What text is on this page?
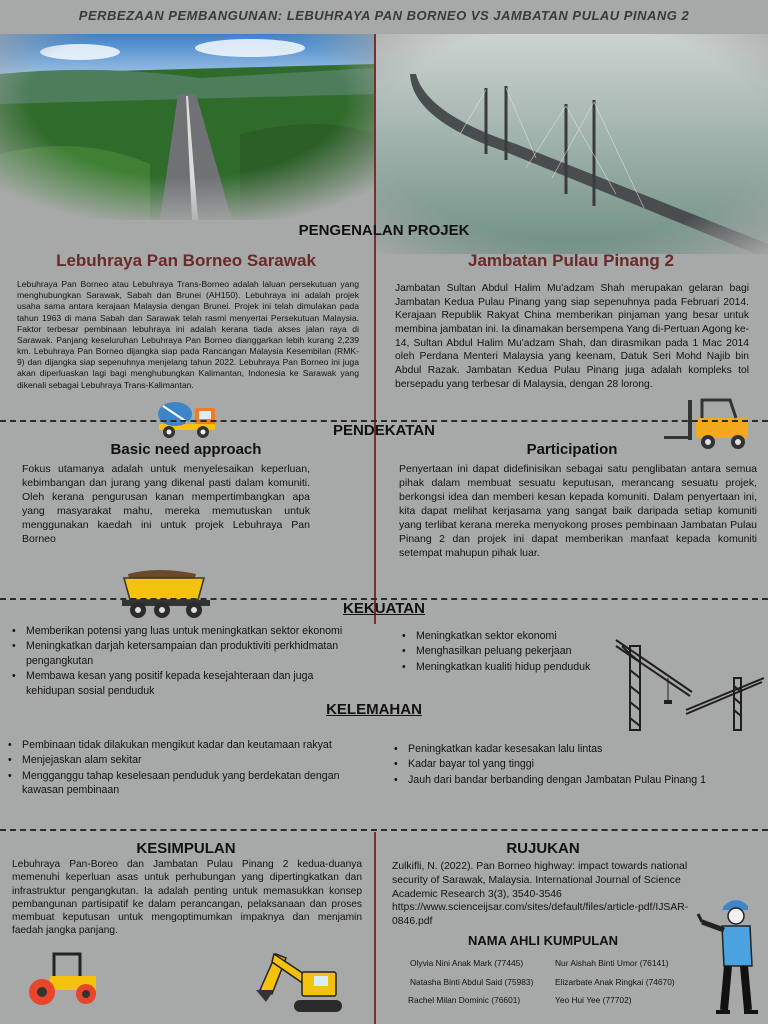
PERBEZAAN PEMBANGUNAN: LEBUHRAYA PAN BORNEO VS JAMBATAN PULAU PINANG 2
PENGENALAN PROJEK
Lebuhraya Pan Borneo Sarawak
Lebuhraya Pan Borneo atau Lebuhraya Trans-Borneo adalah laluan persekutuan yang menghubungkan Sarawak, Sabah dan Brunei (AH150). Lebuhraya ini adalah projek usaha sama antara kerajaan Malaysia dengan Brunei. Projek ini telah dimulakan pada tahun 1963 di mana Sabah dan Sarawak telah rasmi menyertai Persekutuan Malaysia. Faktor terbesar pembinaan lebuhraya ini adalah kerana tiada akses jalan raya di Sarawak. Panjang keseluruhan Lebuhraya Pan Borneo dianggarkan lebih kurang 2,239 km. Lebuhraya Pan Borneo dijangka siap pada Rancangan Malaysia Kesembilan (RMK-9) dan dijangka siap sepenuhnya menjelang tahun 2022. Lebuhraya Pan Borneo ini juga akan diperluaskan lagi bagi menghubungkan Kalimantan, Indonesia ke Sarawak yang dikenali sebagai Lebuhraya Trans-Kalimantan.
Jambatan Pulau Pinang 2
Jambatan Sultan Abdul Halim Mu'adzam Shah merupakan gelaran bagi Jambatan Kedua Pulau Pinang yang siap sepenuhnya pada Februari 2014. Kerajaan Republik Rakyat China memberikan pinjaman yang besar untuk membina jambatan ini. Ia dinamakan bersempena Yang di-Pertuan Agong ke-14, Sultan Abdul Halim Mu'adzam Shah, dan dirasmikan pada 1 Mac 2014 oleh Perdana Menteri Malaysia yang keenam, Datuk Seri Mohd Najib bin Abdul Razak. Jambatan Kedua Pulau Pinang juga adalah kompleks tol bersepadu yang terbesar di Malaysia, dengan 28 lorong.
PENDEKATAN
Basic need approach
Fokus utamanya adalah untuk menyelesaikan keperluan, kebimbangan dan jurang yang dikenal pasti dalam komuniti. Oleh kerana pengurusan kanan mempertimbangkan apa yang masyarakat mahu, mereka memutuskan untuk menggunakan kaedah ini untuk projek Lebuhraya Pan Borneo
Participation
Penyertaan ini dapat didefinisikan sebagai satu penglibatan antara semua pihak dalam membuat sesuatu keputusan, merancang sesuatu projek, berkongsi idea dan memberi kesan kepada komuniti. Dalam penyertaan ini, kita dapat melihat kerjasama yang sangat baik daripada setiap komuniti yang terlibat kerana mereka menyokong proses pembinaan Jambatan Pulau Pinang 2 dan projek ini dapat memberikan manfaat kepada komuniti setempat mahupun pihak luar.
KEKUATAN
• Memberikan potensi yang luas untuk meningkatkan sektor ekonomi
• Meningkatkan darjah ketersampaian dan produktiviti perkhidmatan pengangkutan
• Membawa kesan yang positif kepada kesejahteraan dan juga kehidupan sosial penduduk
• Meningkatkan sektor ekonomi
• Menghasilkan peluang pekerjaan
• Meningkatkan kualiti hidup penduduk
KELEMAHAN
• Pembinaan tidak dilakukan mengikut kadar dan keutamaan rakyat
• Menjejaskan alam sekitar
• Mengganggu tahap keselesaan penduduk yang berdekatan dengan kawasan pembinaan
• Peningkatkan kadar kesesakan lalu lintas
• Kadar bayar tol yang tinggi
• Jauh dari bandar berbanding dengan Jambatan Pulau Pinang 1
KESIMPULAN
Lebuhraya Pan-Boreo dan Jambatan Pulau Pinang 2 kedua-duanya memenuhi keperluan asas untuk perhubungan yang dipertingkatkan dan infrastruktur pengangkutan. Ia adalah penting untuk memasukkan konsep pembangunan partisipatif ke dalam perancangan, pelaksanaan dan proses membuat keputusan untuk mengoptimumkan impaknya dan menjamin faedah jangka panjang.
RUJUKAN
Zulkifli, N. (2022). Pan Borneo highway: impact towards national security of Sarawak, Malaysia. International Journal of Science Academic Research 3(3), 3540-3546 https://www.scienceijsar.com/sites/default/files/article-pdf/IJSAR-0846.pdf
NAMA AHLI KUMPULAN
Olyvia Nini Anak Mark (77445)	Nur Aishah Binti Umor (76141)
Natasha Binti Abdul Said (75983)	Elizarbate Anak Ringkai (74670)
Rachel Milan Dominic (76601)	Yeo Hui Yee (77702)
